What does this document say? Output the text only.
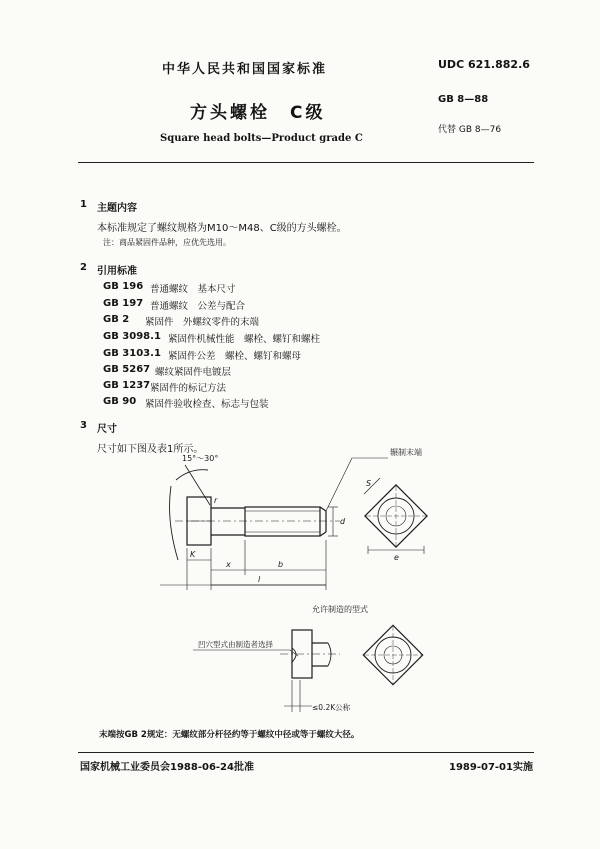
中华人民共和国国家标准	UDC 621.882.6
方头螺栓　C级
GB 8—88
代替 GB 8—76
Square head bolts—Product grade C
1 主题内容
本标准规定了螺纹规格为M10～M48、C级的方头螺栓。
注：商品紧固件品种，应优先选用。
2 引用标准
GB 196 普通螺纹　基本尺寸
GB 197 普通螺纹　公差与配合
GB 2 紧固件　外螺纹零件的末端
GB 3098.1 紧固件机械性能　螺栓、螺钉和螺柱
GB 3103.1 紧固件公差　螺栓、螺钉和螺母
GB 5267 螺纹紧固件电镀层
GB 1237 紧固件的标记方法
GB 90 紧固件验收检查、标志与包装
3 尺寸
尺寸如下图及表1所示。
15°～30°
辗制末端
K
x	b
l
d
S
e
r
允许制造的型式
凹穴型式由制造者选择
≤0.2K公称
末端按GB 2规定：无螺纹部分杆径约等于螺纹中径或等于螺纹大径。
国家机械工业委员会1988-06-24批准	1989-07-01实施
